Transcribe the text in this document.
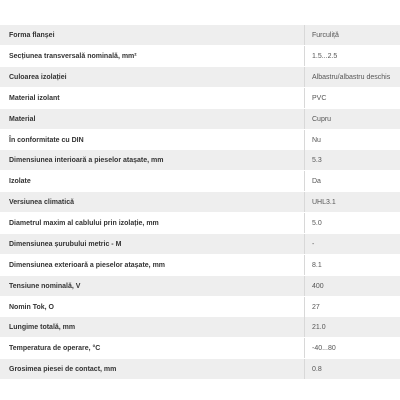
Forma flanșei	Furculiță
Secțiunea transversală nominală, mm²	1.5...2.5
Culoarea izolației	Albastru/albastru deschis
Material izolant	PVC
Material	Cupru
În conformitate cu DIN	Nu
Dimensiunea interioară a pieselor atașate, mm	5.3
Izolate	Da
Versiunea climatică	UHL3.1
Diametrul maxim al cablului prin izolație, mm	5.0
Dimensiunea șurubului metric - M	-
Dimensiunea exterioară a pieselor atașate, mm	8.1
Tensiune nominală, V	400
Nomin Tok, O	27
Lungime totală, mm	21.0
Temperatura de operare, °C	-40...80
Grosimea piesei de contact, mm	0.8
